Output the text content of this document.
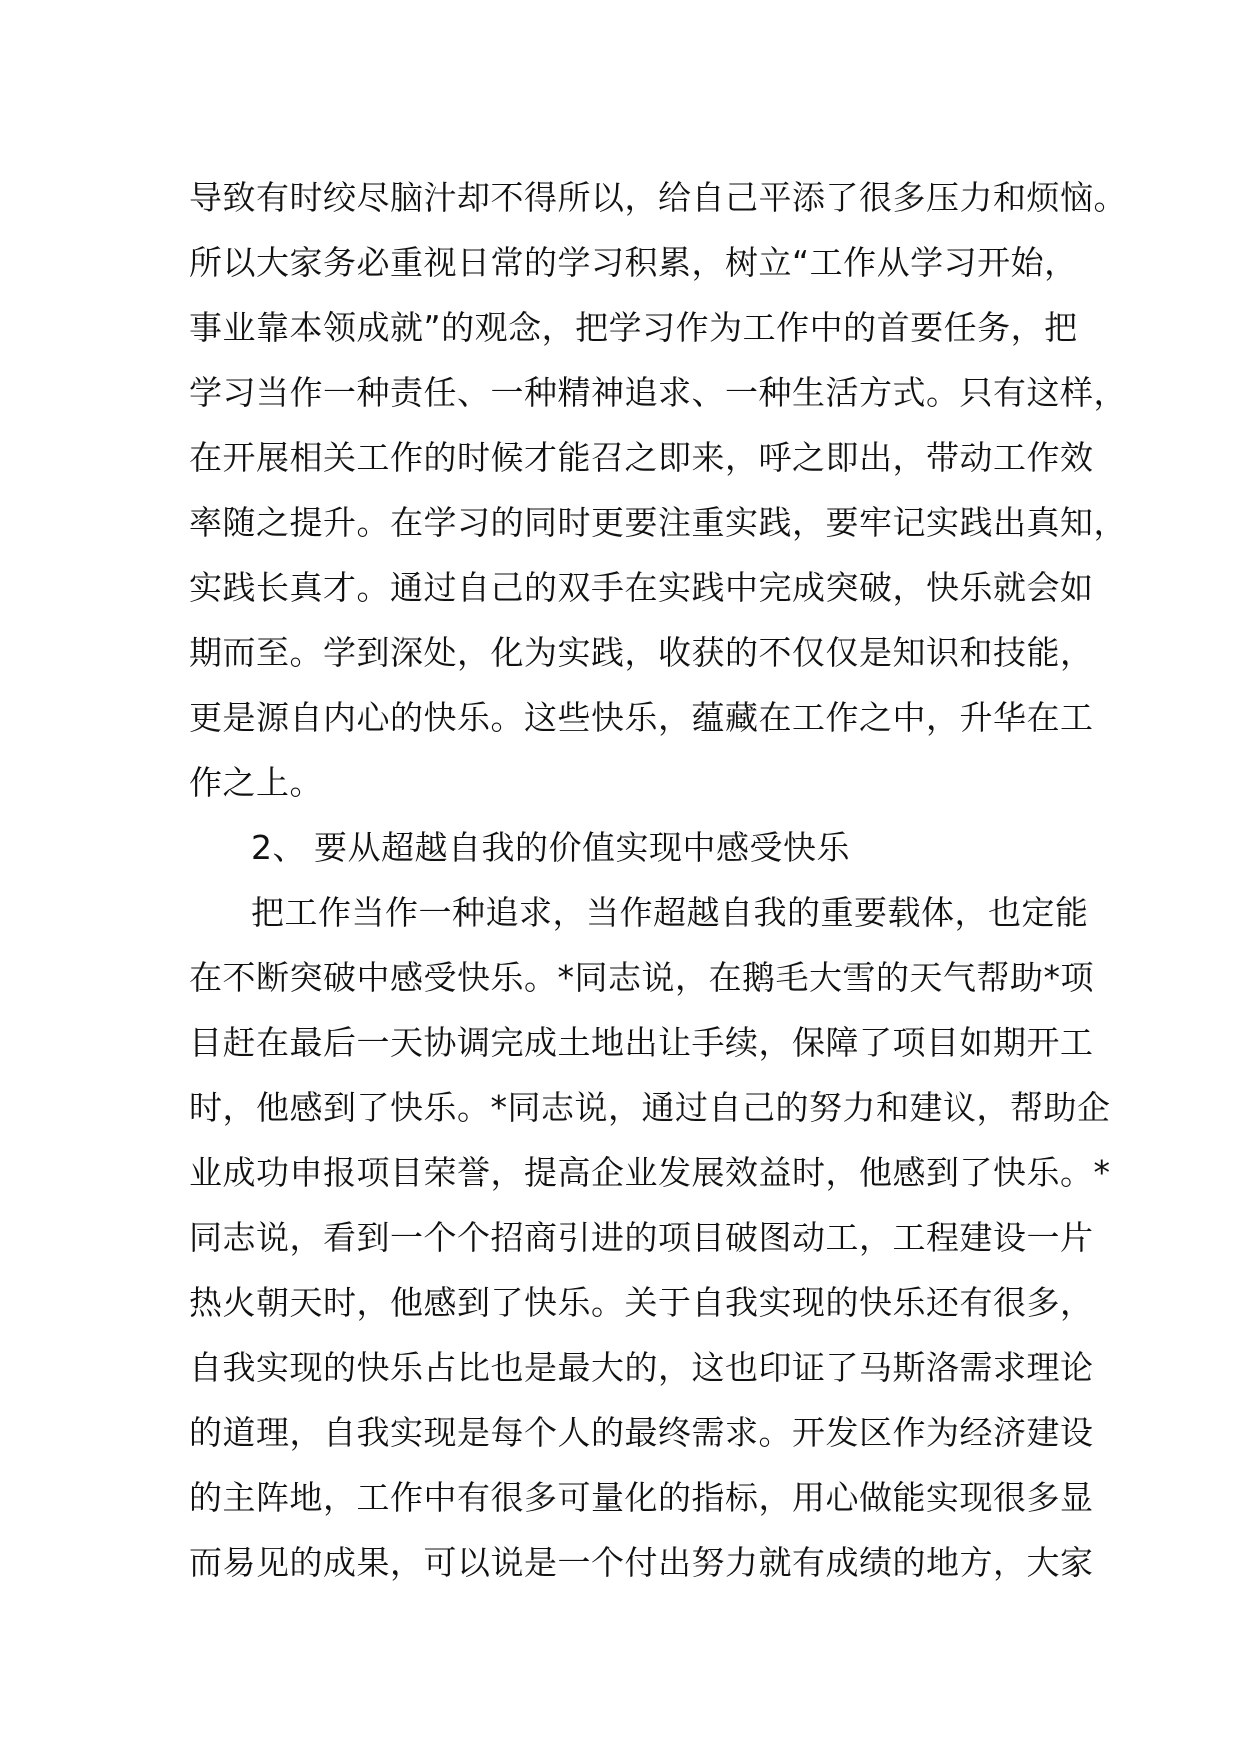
导致有时绞尽脑汁却不得所以，给自己平添了很多压力和烦恼。
所以大家务必重视日常的学习积累，树立“工作从学习开始，
事业靠本领成就”的观念，把学习作为工作中的首要任务，把
学习当作一种责任、一种精神追求、一种生活方式。只有这样，
在开展相关工作的时候才能召之即来，呼之即出，带动工作效
率随之提升。在学习的同时更要注重实践，要牢记实践出真知，
实践长真才。通过自己的双手在实践中完成突破，快乐就会如
期而至。学到深处，化为实践，收获的不仅仅是知识和技能，
更是源自内心的快乐。这些快乐，蕴藏在工作之中，升华在工
作之上。
2、 要从超越自我的价值实现中感受快乐
把工作当作一种追求，当作超越自我的重要载体，也定能
在不断突破中感受快乐。*同志说，在鹅毛大雪的天气帮助*项
目赶在最后一天协调完成土地出让手续，保障了项目如期开工
时，他感到了快乐。*同志说，通过自己的努力和建议，帮助企
业成功申报项目荣誉，提高企业发展效益时，他感到了快乐。*
同志说，看到一个个招商引进的项目破图动工，工程建设一片
热火朝天时，他感到了快乐。关于自我实现的快乐还有很多，
自我实现的快乐占比也是最大的，这也印证了马斯洛需求理论
的道理，自我实现是每个人的最终需求。开发区作为经济建设
的主阵地，工作中有很多可量化的指标，用心做能实现很多显
而易见的成果，可以说是一个付出努力就有成绩的地方，大家
